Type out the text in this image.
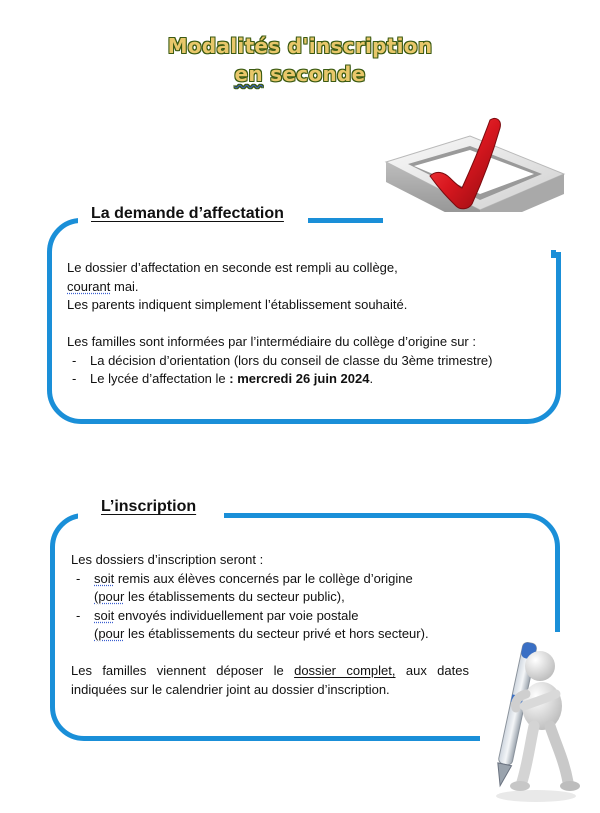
Modalités d'inscription
en seconde
La demande d’affectation
Le dossier d’affectation en seconde est rempli au collège,
courant mai.
Les parents indiquent simplement l’établissement souhaité.
Les familles sont informées par l’intermédiaire du collège d’origine sur :
- La décision d’orientation (lors du conseil de classe du 3ème trimestre)
- Le lycée d’affectation le : mercredi 26 juin 2024.
L’inscription
Les dossiers d’inscription seront :
- soit remis aux élèves concernés par le collège d’origine
(pour les établissements du secteur public),
- soit envoyés individuellement par voie postale
(pour les établissements du secteur privé et hors secteur).
Les familles viennent déposer le dossier complet, aux dates
indiquées sur le calendrier joint au dossier d’inscription.
